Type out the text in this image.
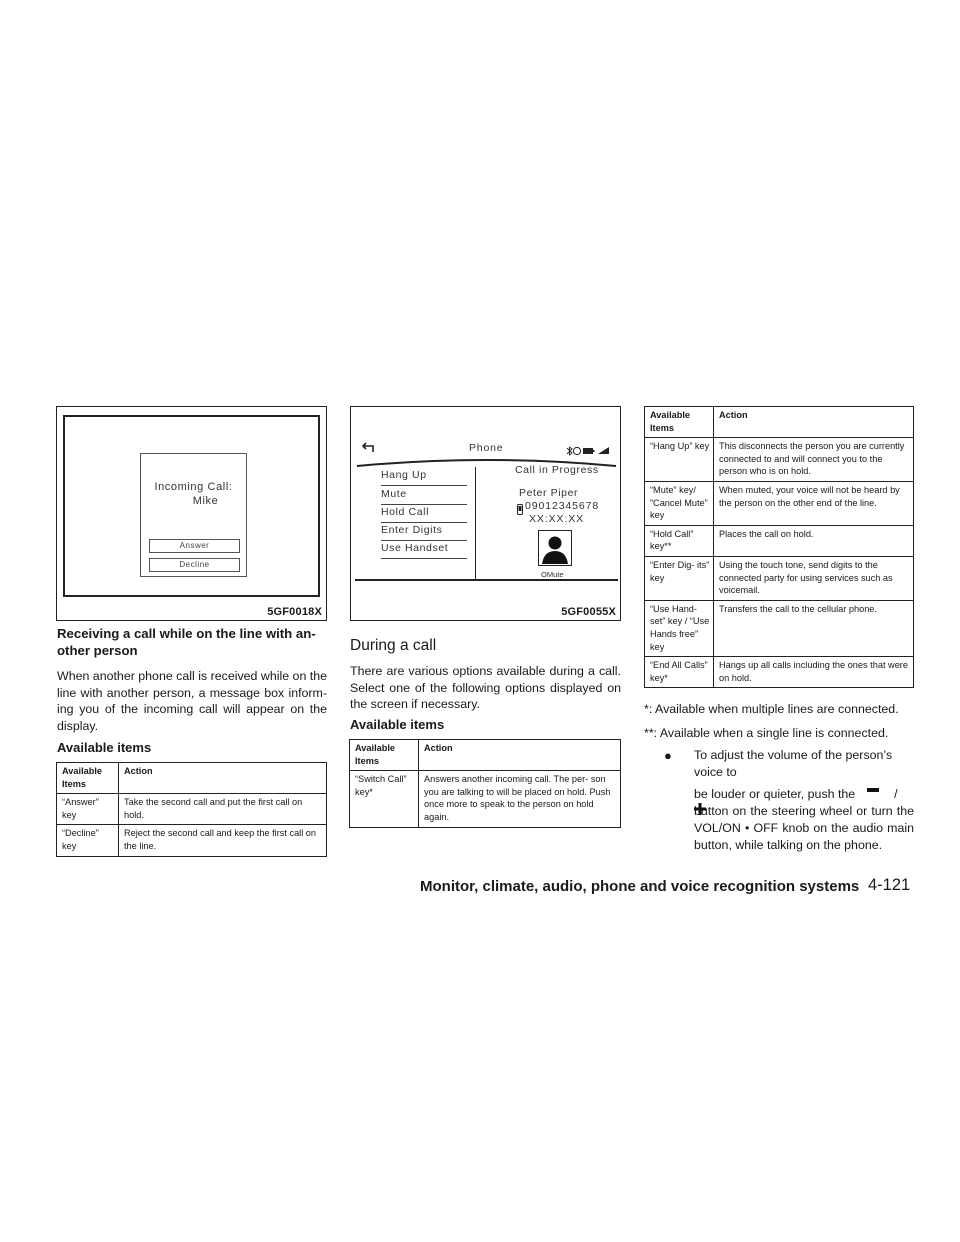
Incoming Call:
Mike
Answer
Decline
5GF0018X
Receiving a call while on the line with an-
other person

When another phone call is received while on the line with another person, a message box inform- ing you of the incoming call will appear on the display.

Available items
Available Items	Action
“Answer” key	Take the second call and put the first call on hold.
“Decline” key	Reject the second call and keep the first call on the line.
Phone
Hang Up
Mute
Hold Call
Enter Digits
Use Handset
Call in Progress
Peter Piper
09012345678
XX:XX:XX
OMute
5GF0055X
During a call

There are various options available during a call. Select one of the following options displayed on the screen if necessary.

Available items
Available Items	Action
“Switch Call” key*	Answers another incoming call. The per- son you are talking to will be placed on hold. Push once more to speak to the person on hold again.
Available Items	Action
“Hang Up” key	This disconnects the person you are currently connected to and will connect you to the person who is on hold.
“Mute” key/ ”Cancel Mute” key	When muted, your voice will not be heard by the person on the other end of the line.
“Hold Call” key**	Places the call on hold.
“Enter Dig- its” key	Using the touch tone, send digits to the connected party for using services such as voicemail.
“Use Hand- set” key / “Use Hands free” key	Transfers the call to the cellular phone.
“End All Calls” key*	Hangs up all calls including the ones that were on hold.
*: Available when multiple lines are connected.
**: Available when a single line is connected.
● To adjust the volume of the person’s voice to
be louder or quieter, push the	/
button on the steering wheel or turn the
VOL/ON • OFF knob on the audio main
button, while talking on the phone.
Monitor, climate, audio, phone and voice recognition systems 4-121
